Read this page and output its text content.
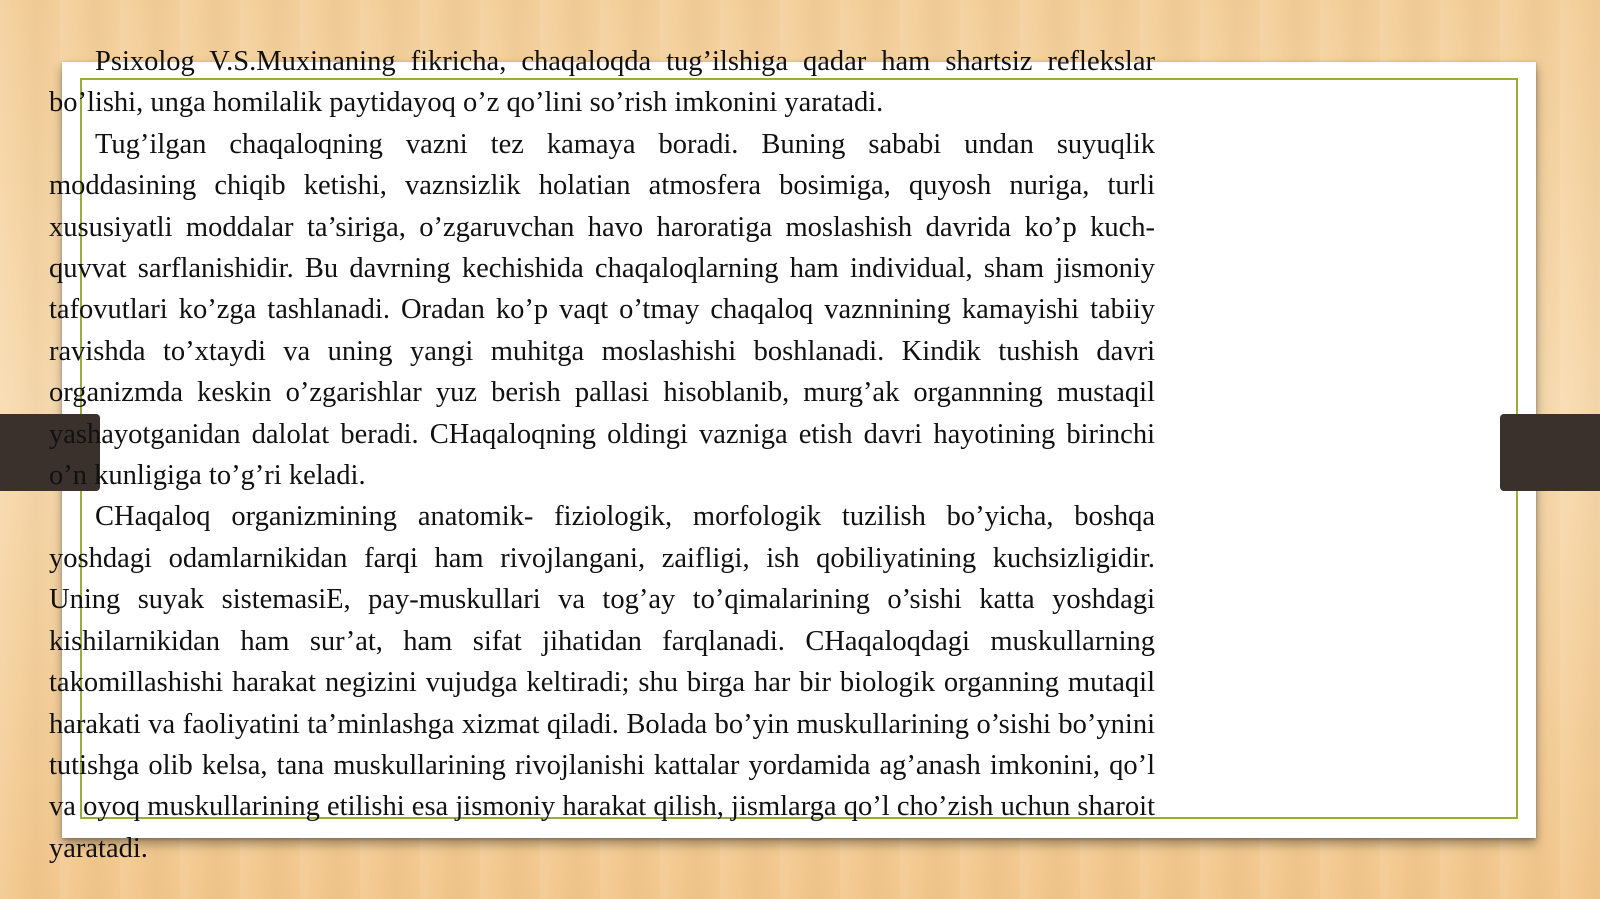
Psixolog V.S.Muxinaning fikricha, chaqaloqda tug’ilshiga qadar ham shartsiz reflekslar bo’lishi, unga homilalik paytidayoq o’z qo’lini so’rish imkonini yaratadi.

Tug’ilgan chaqaloqning vazni tez kamaya boradi. Buning sababi undan suyuqlik moddasining chiqib ketishi, vaznsizlik holatian atmosfera bosimiga, quyosh nuriga, turli xususiyatli moddalar ta’siriga, o’zgaruvchan havo haroratiga moslashish davrida ko’p kuch-quvvat sarflanishidir. Bu davrning kechishida chaqaloqlarning ham individual, sham jismoniy tafovutlari ko’zga tashlanadi. Oradan ko’p vaqt o’tmay chaqaloq vaznnining kamayishi tabiiy ravishda to’xtaydi va uning yangi muhitga moslashishi boshlanadi. Kindik tushish davri organizmda keskin o’zgarishlar yuz berish pallasi hisoblanib, murg’ak organnning mustaqil yashayotganidan dalolat beradi. CHaqaloqning oldingi vazniga etish davri hayotining birinchi o’n kunligiga to’g’ri keladi.

CHaqaloq organizmining anatomik- fiziologik, morfologik tuzilish bo’yicha, boshqa yoshdagi odamlarnikidan farqi ham rivojlangani, zaifligi, ish qobiliyatining kuchsizligidir. Uning suyak sistemasiE, pay-muskullari va tog’ay to’qimalarining o’sishi katta yoshdagi kishilarnikidan ham sur’at, ham sifat jihatidan farqlanadi. CHaqaloqdagi muskullarning takomillashishi harakat negizini vujudga keltiradi; shu birga har bir biologik organning mutaqil harakati va faoliyatini ta’minlashga xizmat qiladi. Bolada bo’yin muskullarining o’sishi bo’ynini tutishga olib kelsa, tana muskullarining rivojlanishi kattalar yordamida ag’anash imkonini, qo’l va oyoq muskullarining etilishi esa jismoniy harakat qilish, jismlarga qo’l cho’zish uchun sharoit yaratadi.
